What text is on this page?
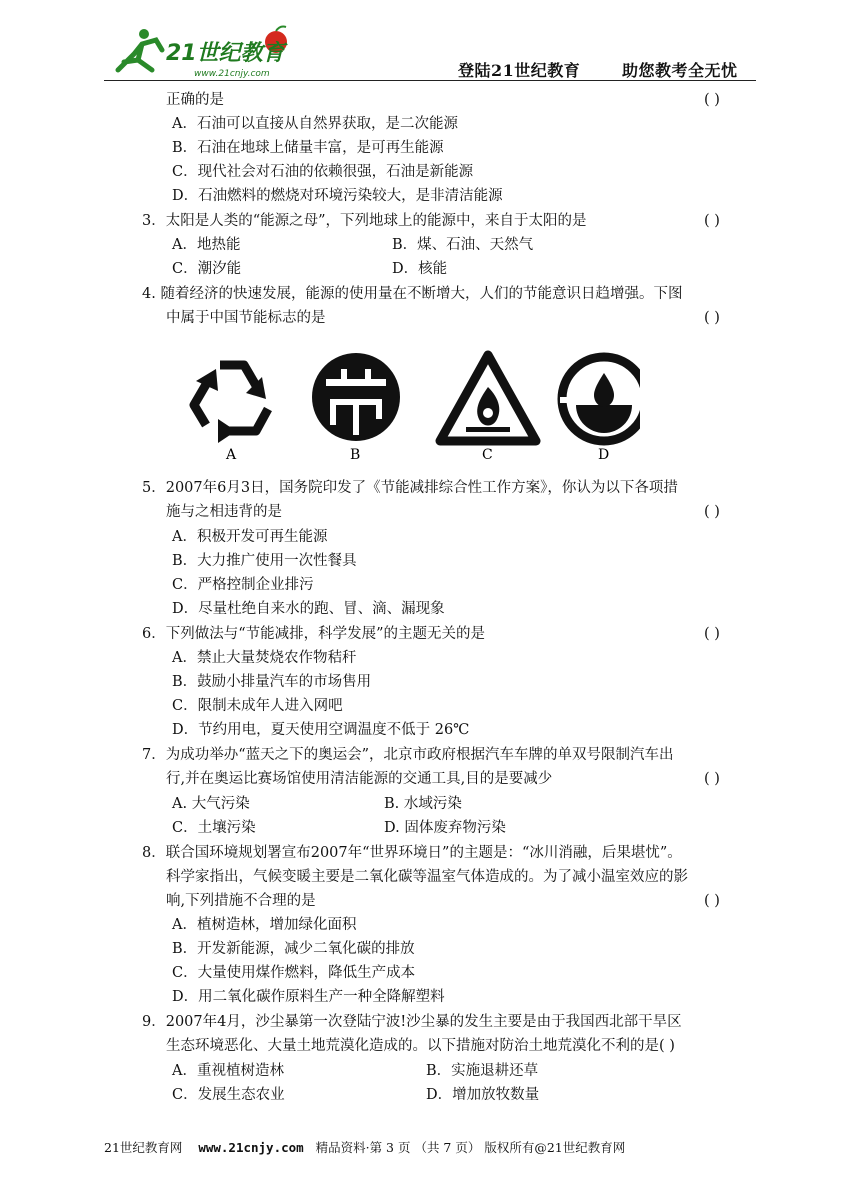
21世纪教育
www.21cnjy.com	登陆21世纪教育	助您教考全无忧
正确的是	( )
A．石油可以直接从自然界获取，是二次能源
B．石油在地球上储量丰富，是可再生能源
C．现代社会对石油的依赖很强，石油是新能源
D．石油燃料的燃烧对环境污染较大，是非清洁能源
3．太阳是人类的“能源之母”，下列地球上的能源中，来自于太阳的是	( )
A．地热能	B．煤、石油、天然气
C．潮汐能	D．核能
4. 随着经济的快速发展，能源的使用量在不断增大，人们的节能意识日趋增强。下图
中属于中国节能标志的是	( )
A	B	C	D
5．2007年6月3日，国务院印发了《节能减排综合性工作方案》，你认为以下各项措
施与之相违背的是	( )
A．积极开发可再生能源
B．大力推广使用一次性餐具
C．严格控制企业排污
D．尽量杜绝自来水的跑、冒、滴、漏现象
6．下列做法与“节能减排，科学发展”的主题无关的是	( )
A．禁止大量焚烧农作物秸秆
B．鼓励小排量汽车的市场售用
C．限制未成年人进入网吧
D．节约用电，夏天使用空调温度不低于 26℃
7．为成功举办“蓝天之下的奥运会”，北京市政府根据汽车车牌的单双号限制汽车出
行,并在奥运比赛场馆使用清洁能源的交通工具,目的是要减少	( )
A. 大气污染	B. 水域污染
C．土壤污染	D. 固体废弃物污染
8．联合国环境规划署宣布2007年“世界环境日”的主题是：“冰川消融，后果堪忧”。
科学家指出，气候变暖主要是二氧化碳等温室气体造成的。为了减小温室效应的影
响,下列措施不合理的是	( )
A．植树造林，增加绿化面积
B．开发新能源，减少二氧化碳的排放
C．大量使用煤作燃料，降低生产成本
D．用二氧化碳作原料生产一种全降解塑料
9．2007年4月，沙尘暴第一次登陆宁波!沙尘暴的发生主要是由于我国西北部干旱区
生态环境恶化、大量土地荒漠化造成的。以下措施对防治土地荒漠化不利的是( )
A．重视植树造林	B．实施退耕还草
C．发展生态农业	D．增加放牧数量
21世纪教育网 www.21cnjy.com 精品资料·第 3 页 （共 7 页） 版权所有@21世纪教育网
